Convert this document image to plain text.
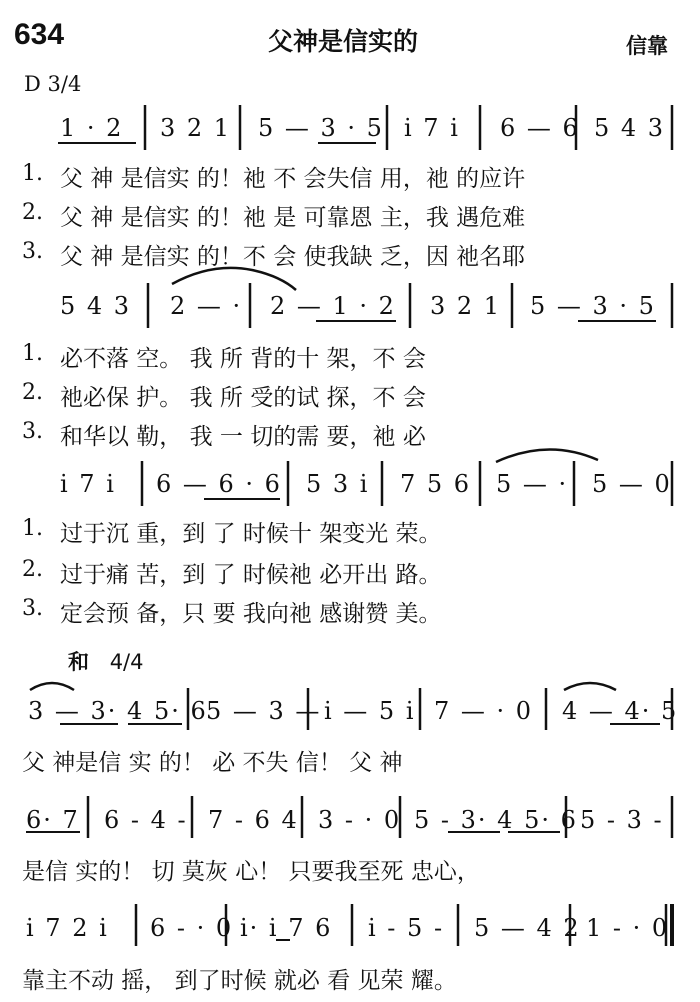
634	父神是信实的	信靠
D 3/4
和 4/4
1 · 2 3 2 1 5 — 3 · 5 i 7 i 6 — 6 5 4 3
1. 父 神 是信实 的！祂 不 会失信 用，祂 的应许
2. 父 神 是信实 的！祂 是 可靠恩 主，我 遇危难
3. 父 神 是信实 的！不 会 使我缺 乏，因 祂名耶
5 4 3 2 — · 2 — 1 · 2 3 2 1 5 — 3 · 5
1. 必不落 空。 我 所 背的十 架，不 会
2. 祂必保 护。 我 所 受的试 探，不 会
3. 和华以 勒， 我 一 切的需 要，祂 必
i 7 i 6 — 6 · 6 5 3 i 7 5 6 5 — · 5 — 0
1. 过于沉 重，到 了 时候十 架变光 荣。
2. 过于痛 苦，到 了 时候祂 必开出 路。
3. 定会预 备，只 要 我向祂 感谢赞 美。
3 — 3· 4 5· 6
5 — 3 — i — 5 i 7 — · 0 4 — 4· 5
父 神是信 实 的！ 必 不失 信！ 父 神
6· 7 6 - 4 - 7 - 6 4 3 - · 0 5 - 3· 4 5· 6 5 - 3 -
是信 实的！ 切 莫灰 心！ 只要我至死 忠心，
i 7 2 i 6 - · 0 i· i 7 6 i - 5 - 5 — 4 2 1 - · 0
靠主不动 摇， 到了时候 就必 看 见荣 耀。
